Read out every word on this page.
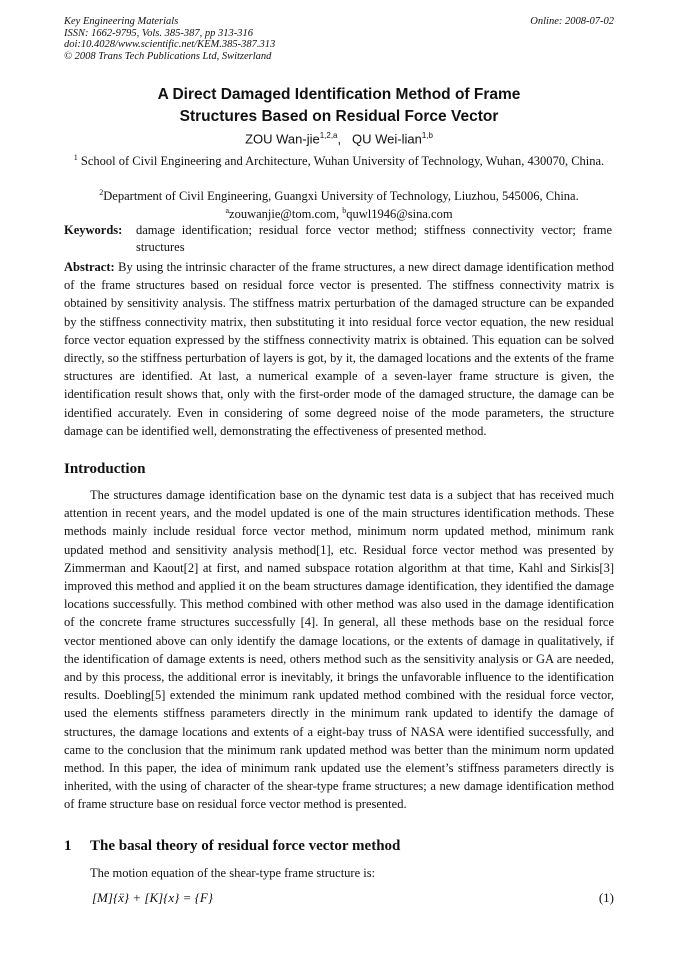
Key Engineering Materials
ISSN: 1662-9795, Vols. 385-387, pp 313-316
doi:10.4028/www.scientific.net/KEM.385-387.313
© 2008 Trans Tech Publications Ltd, Switzerland
Online: 2008-07-02
A Direct Damaged Identification Method of Frame
Structures Based on Residual Force Vector
ZOU Wan-jie$^{1,2,a}$, QU Wei-lian$^{1,b}$
$^1$ School of Civil Engineering and Architecture, Wuhan University of Technology, Wuhan, 430070, China.
$^2$Department of Civil Engineering, Guangxi University of Technology, Liuzhou, 545006, China.
$^a$zouwanjie@tom.com, $^b$quwl1946@sina.com
Keywords: damage identification; residual force vector method; stiffness connectivity vector; frame structures
Abstract: By using the intrinsic character of the frame structures, a new direct damage identification method of the frame structures based on residual force vector is presented. The stiffness connectivity matrix is obtained by sensitivity analysis. The stiffness matrix perturbation of the damaged structure can be expanded by the stiffness connectivity matrix, then substituting it into residual force vector equation, the new residual force vector equation expressed by the stiffness connectivity matrix is obtained. This equation can be solved directly, so the stiffness perturbation of layers is got, by it, the damaged locations and the extents of the frame structures are identified. At last, a numerical example of a seven-layer frame structure is given, the identification result shows that, only with the first-order mode of the damaged structure, the damage can be identified accurately. Even in considering of some degreed noise of the mode parameters, the structure damage can be identified well, demonstrating the effectiveness of presented method.
Introduction
The structures damage identification base on the dynamic test data is a subject that has received much attention in recent years, and the model updated is one of the main structures identification methods. These methods mainly include residual force vector method, minimum norm updated method, minimum rank updated method and sensitivity analysis method[1], etc. Residual force vector method was presented by Zimmerman and Kaout[2] at first, and named subspace rotation algorithm at that time, Kahl and Sirkis[3] improved this method and applied it on the beam structures damage identification, they identified the damage locations successfully. This method combined with other method was also used in the damage identification of the concrete frame structures successfully [4]. In general, all these methods base on the residual force vector mentioned above can only identify the damage locations, or the extents of damage in qualitatively, if the identification of damage extents is need, others method such as the sensitivity analysis or GA are needed, and by this process, the additional error is inevitably, it brings the unfavorable influence to the identification results. Doebling[5] extended the minimum rank updated method combined with the residual force vector, used the elements stiffness parameters directly in the minimum rank updated to identify the damage of structures, the damage locations and extents of a eight-bay truss of NASA were identified successfully, and came to the conclusion that the minimum rank updated method was better than the minimum norm updated method. In this paper, the idea of minimum rank updated use the element’s stiffness parameters directly is inherited, with the using of character of the shear-type frame structures; a new damage identification method of frame structure base on residual force vector method is presented.
1 The basal theory of residual force vector method
The motion equation of the shear-type frame structure is:
[M]{ẍ} + [K]{x} = {F}	(1)
